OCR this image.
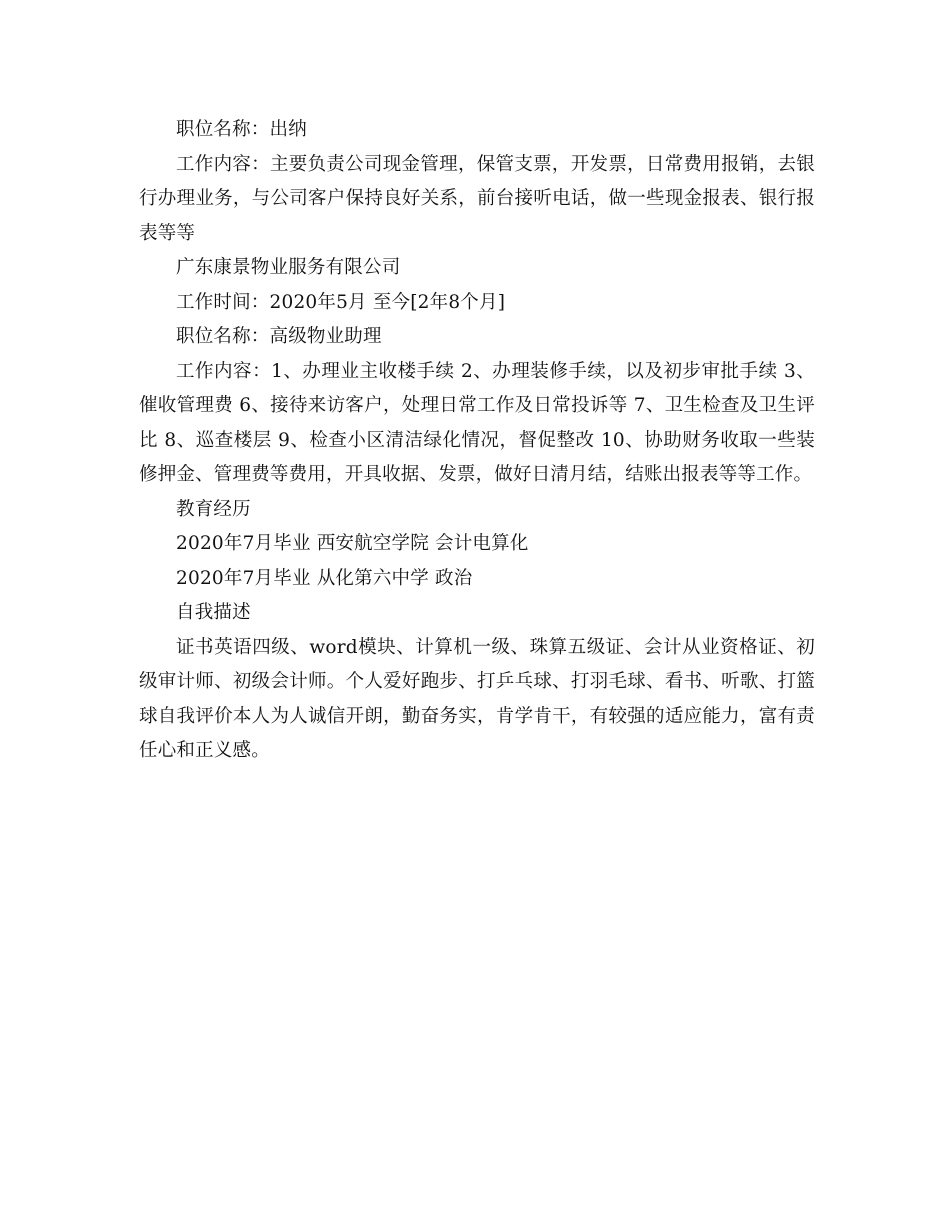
职位名称：出纳

工作内容：主要负责公司现金管理，保管支票，开发票，日常费用报销，去银行办理业务，与公司客户保持良好关系，前台接听电话，做一些现金报表、银行报表等等

广东康景物业服务有限公司

工作时间：2020年5月 至今[2年8个月]

职位名称：高级物业助理

工作内容：1、办理业主收楼手续 2、办理装修手续，以及初步审批手续 3、催收管理费 6、接待来访客户，处理日常工作及日常投诉等 7、卫生检查及卫生评比 8、巡查楼层 9、检查小区清洁绿化情况，督促整改 10、协助财务收取一些装修押金、管理费等费用，开具收据、发票，做好日清月结，结账出报表等等工作。

教育经历

2020年7月毕业 西安航空学院 会计电算化

2020年7月毕业 从化第六中学 政治

自我描述

证书英语四级、word模块、计算机一级、珠算五级证、会计从业资格证、初级审计师、初级会计师。个人爱好跑步、打乒乓球、打羽毛球、看书、听歌、打篮球自我评价本人为人诚信开朗，勤奋务实，肯学肯干，有较强的适应能力，富有责任心和正义感。
